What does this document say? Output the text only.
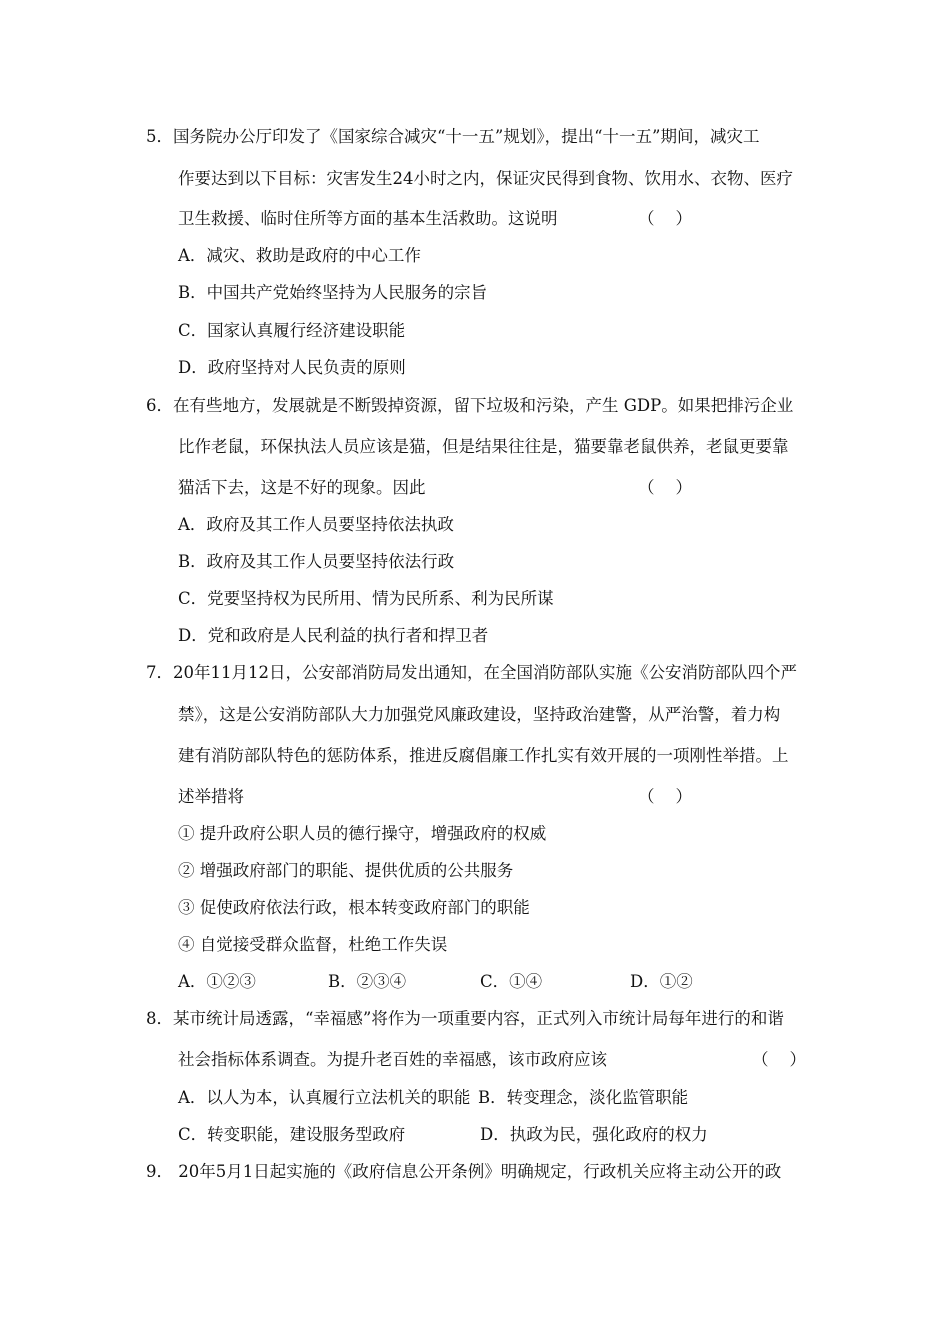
5．国务院办公厅印发了《国家综合减灾“十一五”规划》，提出“十一五”期间，减灾工
作要达到以下目标：灾害发生24小时之内，保证灾民得到食物、饮用水、衣物、医疗
卫生救援、临时住所等方面的基本生活救助。这说明	（    ）
A．减灾、救助是政府的中心工作
B．中国共产党始终坚持为人民服务的宗旨
C．国家认真履行经济建设职能
D．政府坚持对人民负责的原则
6．在有些地方，发展就是不断毁掉资源，留下垃圾和污染，产生 GDP。如果把排污企业
比作老鼠，环保执法人员应该是猫，但是结果往往是，猫要靠老鼠供养，老鼠更要靠
猫活下去，这是不好的现象。因此	（    ）
A．政府及其工作人员要坚持依法执政
B．政府及其工作人员要坚持依法行政
C．党要坚持权为民所用、情为民所系、利为民所谋
D．党和政府是人民利益的执行者和捍卫者
7．20年11月12日，公安部消防局发出通知，在全国消防部队实施《公安消防部队四个严
禁》，这是公安消防部队大力加强党风廉政建设，坚持政治建警，从严治警，着力构
建有消防部队特色的惩防体系，推进反腐倡廉工作扎实有效开展的一项刚性举措。上
述举措将	（    ）
① 提升政府公职人员的德行操守，增强政府的权威
② 增强政府部门的职能、提供优质的公共服务
③ 促使政府依法行政，根本转变政府部门的职能
④ 自觉接受群众监督，杜绝工作失误
A．①②③	B．②③④	C．①④	D．①②
8．某市统计局透露，“幸福感”将作为一项重要内容，正式列入市统计局每年进行的和谐
社会指标体系调查。为提升老百姓的幸福感，该市政府应该	（    ）
A．以人为本，认真履行立法机关的职能 B．转变理念，淡化监管职能
C．转变职能，建设服务型政府	D．执政为民，强化政府的权力
9． 20年5月1日起实施的《政府信息公开条例》明确规定，行政机关应将主动公开的政
